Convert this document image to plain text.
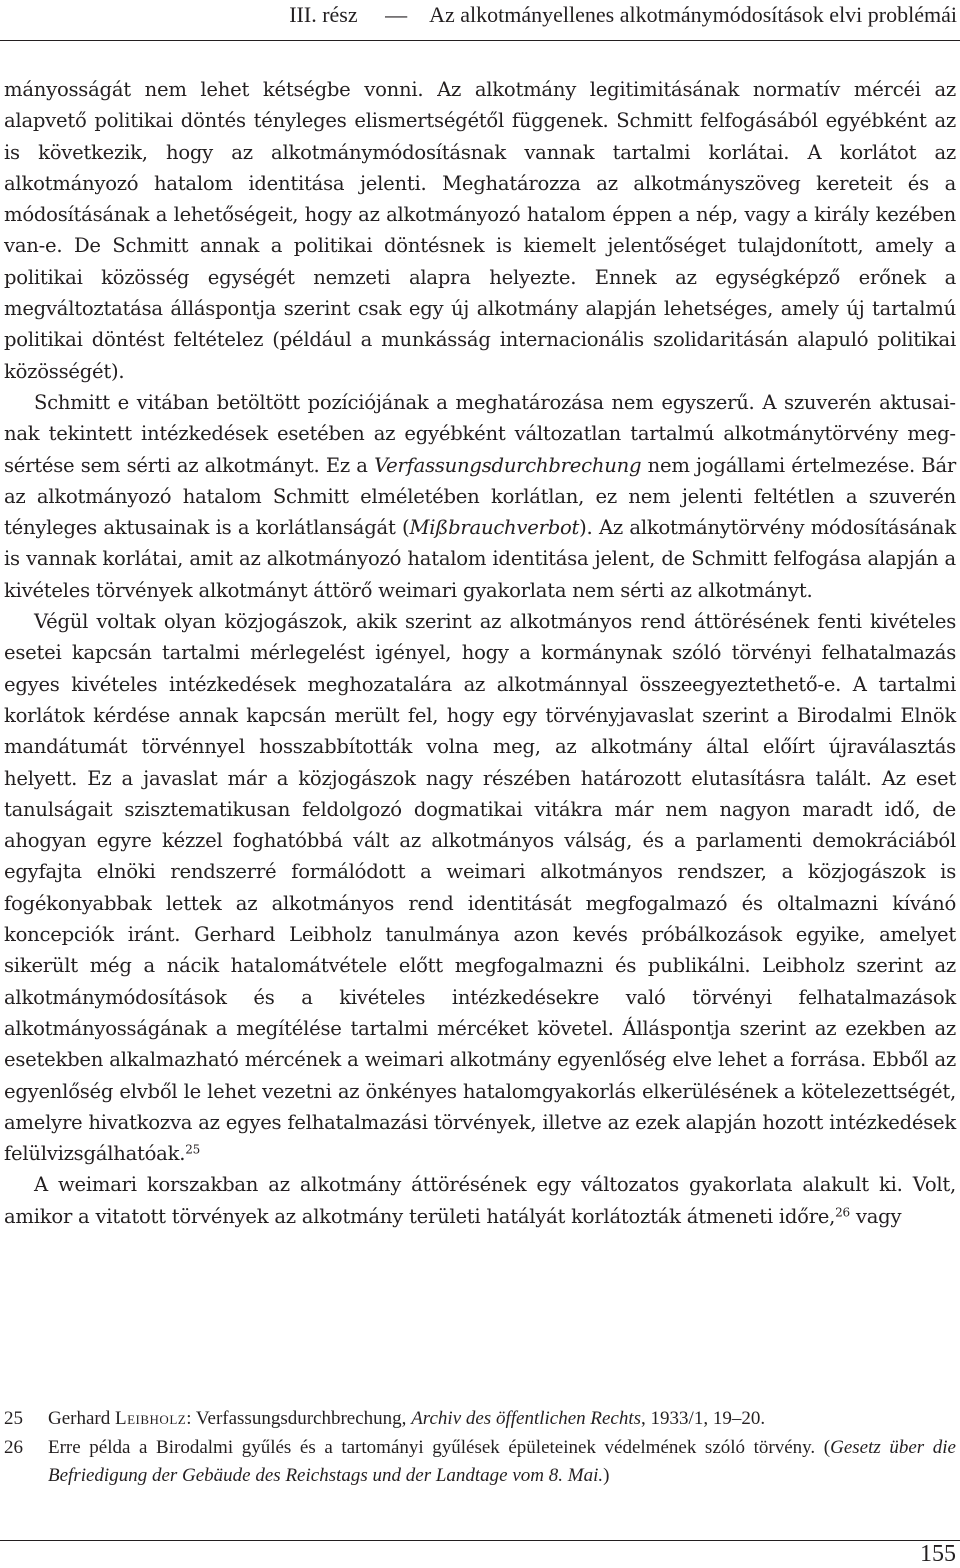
III. rész  — Az alkotmányellenes alkotmánymódosítások elvi problémái

mányosságát nem lehet kétségbe vonni. Az alkotmány legitimitásának normatív mércéi az alapvető politikai döntés tényleges elismertségétől függenek. Schmitt felfogásából egyébként az is következik, hogy az alkotmánymódosításnak vannak tartalmi korlátai. A korlátot az alkotmányozó hatalom identitása jelenti. Meghatározza az alkotmányszöveg kereteit és a módosításának a lehetőségeit, hogy az alkotmányozó hatalom éppen a nép, vagy a király kezében van-e. De Schmitt annak a politikai döntésnek is kiemelt jelentőséget tulajdonított, amely a politikai közösség egységét nemzeti alapra helyezte. Ennek az egységképző erőnek a megváltoztatása álláspontja szerint csak egy új alkotmány alapján lehetséges, amely új tartalmú politikai döntést feltételez (például a munkásság internacionális szolidaritásán alapuló politikai közösségét).

Schmitt e vitában betöltött pozíciójának a meghatározása nem egyszerű. A szuverén aktusainak tekintett intézkedések esetében az egyébként változatlan tartalmú alkotmánytörvény megsértése sem sérti az alkotmányt. Ez a Verfassungsdurchbrechung nem jogállami értelmezése. Bár az alkotmányozó hatalom Schmitt elméletében korlátlan, ez nem jelenti feltétlen a szuverén tényleges aktusainak is a korlátlanságát (Mißbrauchverbot). Az alkotmánytörvény módosításának is vannak korlátai, amit az alkotmányozó hatalom identitása jelent, de Schmitt felfogása alapján a kivételes törvények alkotmányt áttörő weimari gyakorlata nem sérti az alkotmányt.

Végül voltak olyan közjogászok, akik szerint az alkotmányos rend áttörésének fenti kivételes esetei kapcsán tartalmi mérlegelést igényel, hogy a kormánynak szóló törvényi felhatalmazás egyes kivételes intézkedések meghozatalára az alkotmánnyal összeegyeztethető-e. A tartalmi korlátok kérdése annak kapcsán merült fel, hogy egy törvényjavaslat szerint a Birodalmi Elnök mandátumát törvénnyel hosszabbították volna meg, az alkotmány által előírt újraválasztás helyett. Ez a javaslat már a közjogászok nagy részében határozott elutasításra talált. Az eset tanulságait szisztematikusan feldolgozó dogmatikai vitákra már nem nagyon maradt idő, de ahogyan egyre kézzel foghatóbbá vált az alkotmányos válság, és a parlamenti demokráciából egyfajta elnöki rendszerré formálódott a weimari alkotmányos rendszer, a közjogászok is fogékonyabbak lettek az alkotmányos rend identitását megfogalmazó és oltalmazni kívánó koncepciók iránt. Gerhard Leibholz tanulmánya azon kevés próbálkozások egyike, amelyet sikerült még a nácik hatalomátvétele előtt megfogalmazni és publikálni. Leibholz szerint az alkotmánymódosítások és a kivételes intézkedésekre való törvényi felhatalmazások alkotmányosságának a megítélése tartalmi mércéket követel. Álláspontja szerint az ezekben az esetekben alkalmazható mércének a weimari alkotmány egyenlőség elve lehet a forrása. Ebből az egyenlőség elvből le lehet vezetni az önkényes hatalomgyakorlás elkerülésének a kötelezettségét, amelyre hivatkozva az egyes felhatalmazási törvények, illetve az ezek alapján hozott intézkedések felülvizsgálhatóak.$^{25}$

A weimari korszakban az alkotmány áttörésének egy változatos gyakorlata alakult ki. Volt, amikor a vitatott törvények az alkotmány területi hatályát korlátozták átmeneti időre,$^{26}$ vagy

25 Gerhard Leibholz: Verfassungsdurchbrechung, Archiv des öffentlichen Rechts, 1933/1, 19–20.
26 Erre példa a Birodalmi gyűlés és a tartományi gyűlések épületeinek védelmének szóló törvény. (Gesetz über die Befriedigung der Gebäude des Reichstags und der Landtage vom 8. Mai.)
155
